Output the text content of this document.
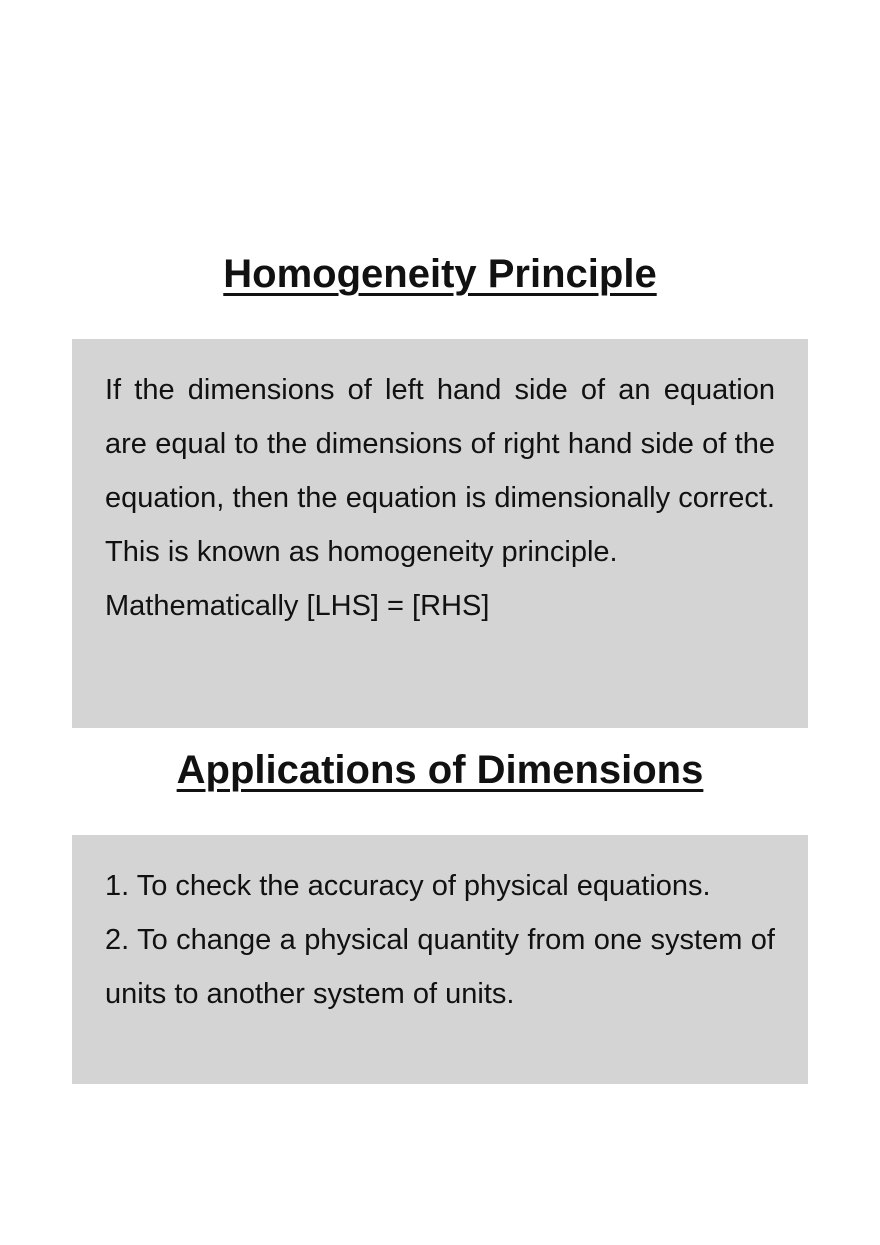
Homogeneity Principle

If the dimensions of left hand side of an equation are equal to the dimensions of right hand side of the equation, then the equation is dimensionally correct. This is known as homogeneity principle.

Mathematically [LHS] = [RHS]

Applications of Dimensions

1. To check the accuracy of physical equations.

2. To change a physical quantity from one system of units to another system of units.
